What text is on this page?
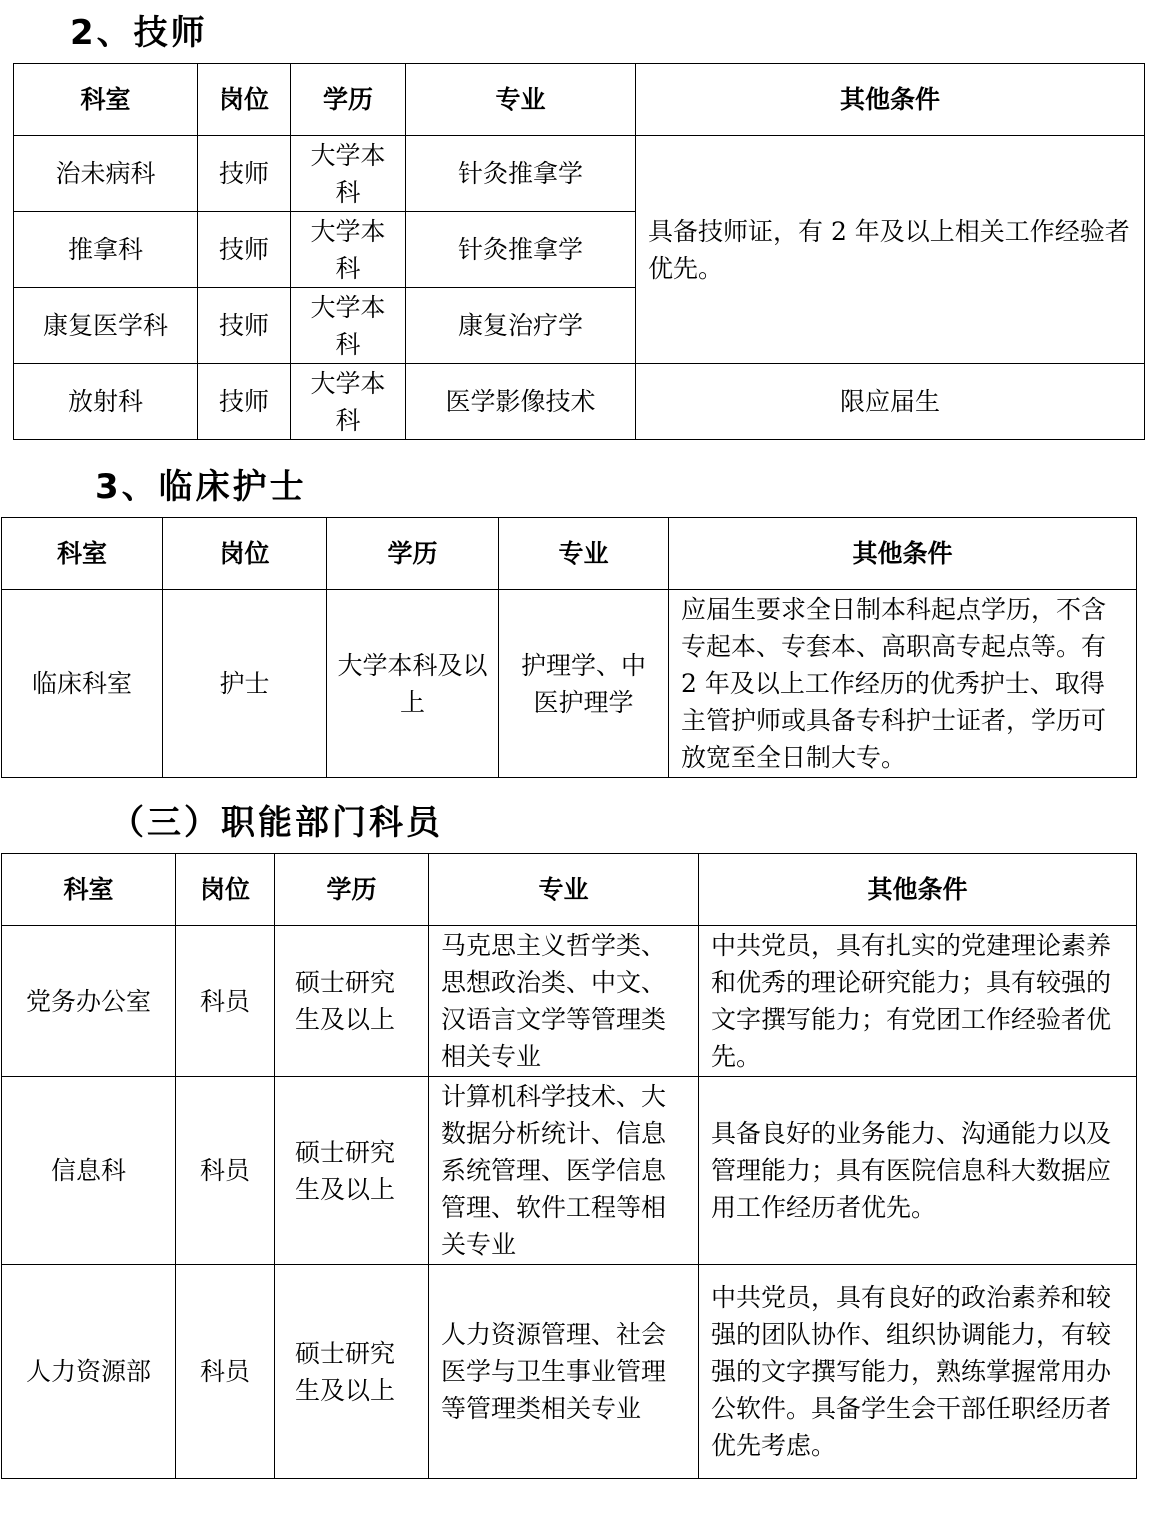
2、技师
科室	岗位	学历	专业	其他条件
治未病科	技师	大学本科	针灸推拿学	具备技师证，有 2 年及以上相关工作经验者优先。
推拿科	技师	大学本科	针灸推拿学	
康复医学科	技师	大学本科	康复治疗学	
放射科	技师	大学本科	医学影像技术	限应届生
3、临床护士
科室	岗位	学历	专业	其他条件
临床科室	护士	大学本科及以上	护理学、中医护理学	应届生要求全日制本科起点学历，不含专起本、专套本、高职高专起点等。有 2 年及以上工作经历的优秀护士、取得主管护师或具备专科护士证者，学历可放宽至全日制大专。
（三）职能部门科员
科室	岗位	学历	专业	其他条件
党务办公室	科员	硕士研究生及以上	马克思主义哲学类、思想政治类、中文、汉语言文学等管理类相关专业	中共党员，具有扎实的党建理论素养和优秀的理论研究能力；具有较强的文字撰写能力；有党团工作经验者优先。
信息科	科员	硕士研究生及以上	计算机科学技术、大数据分析统计、信息系统管理、医学信息管理、软件工程等相关专业	具备良好的业务能力、沟通能力以及管理能力；具有医院信息科大数据应用工作经历者优先。
人力资源部	科员	硕士研究生及以上	人力资源管理、社会医学与卫生事业管理等管理类相关专业	中共党员，具有良好的政治素养和较强的团队协作、组织协调能力，有较强的文字撰写能力，熟练掌握常用办公软件。具备学生会干部任职经历者优先考虑。
